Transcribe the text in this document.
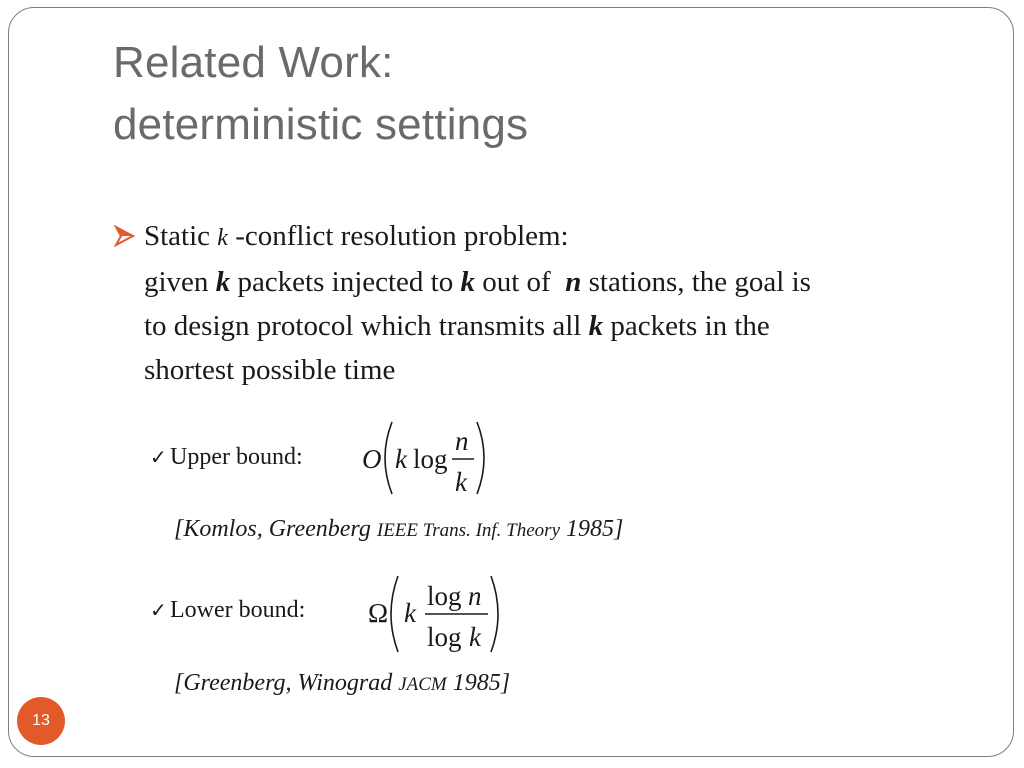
Related Work:
deterministic settings
Static k -conflict resolution problem:
given k packets injected to k out of  n stations, the goal is
to design protocol which transmits all k packets in the
shortest possible time
✓ Upper bound: O k log
n
k
[Komlos, Greenberg IEEE Trans. Inf. Theory 1985]
✓ Lower bound: Ω k
log n
log k
[Greenberg, Winograd JACM 1985]
13
